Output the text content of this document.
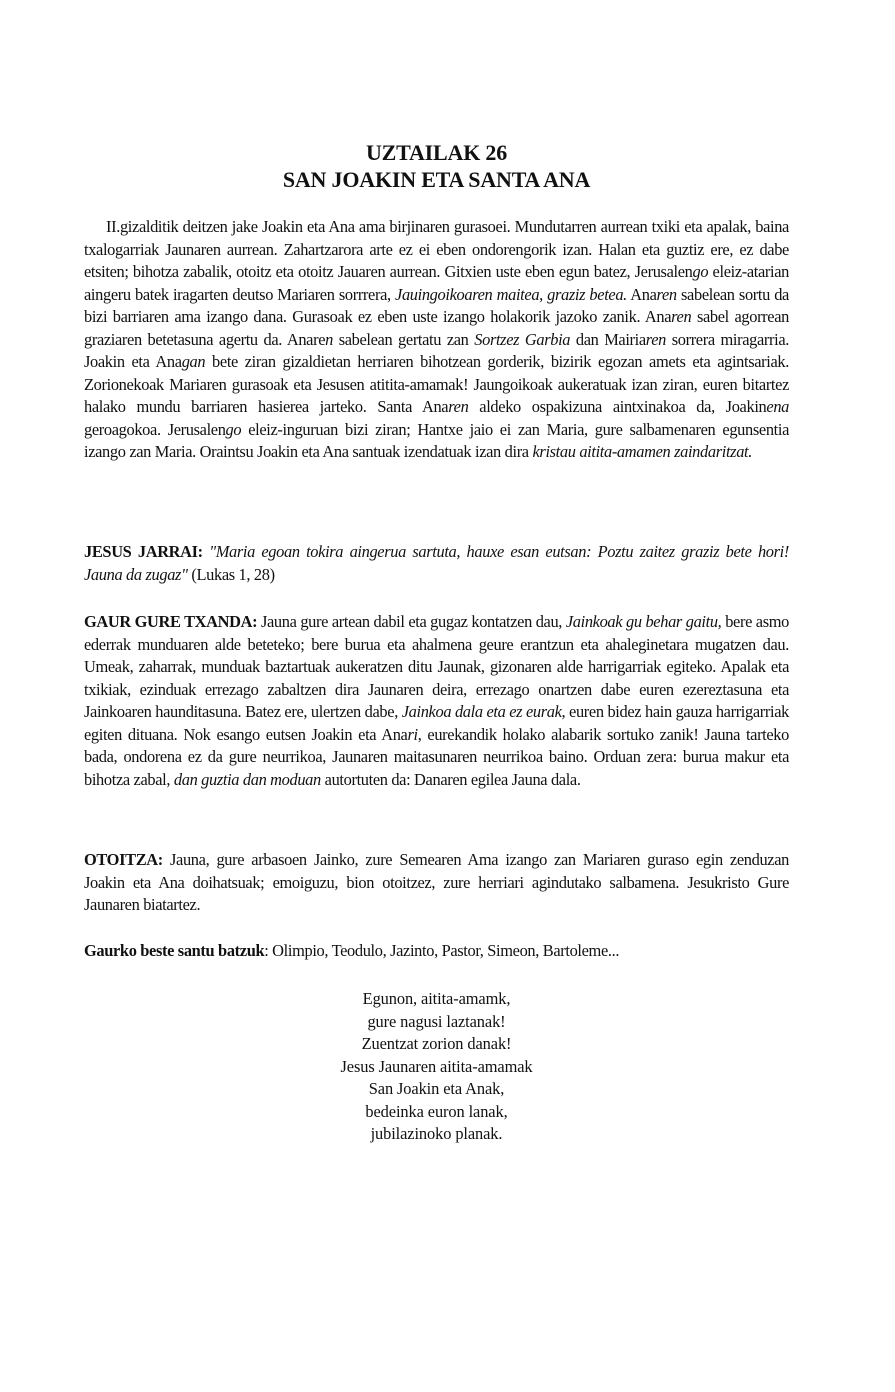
UZTAILAK 26
SAN JOAKIN ETA SANTA ANA
II.gizalditik deitzen jake Joakin eta Ana ama birjinaren gurasoei. Mundutarren aurrean txiki eta apalak, baina txalogarriak Jaunaren aurrean. Zahartzarora arte ez ei eben ondorengorik izan. Halan eta guztiz ere, ez dabe etsiten; bihotza zabalik, otoitz eta otoitz Jauaren aurrean. Gitxien uste eben egun batez, Jerusalengo eleiz-atarian aingeru batek iragarten deutso Mariaren sorrrera, Jauingoikoaren maitea, graziz betea. Anaren sabelean sortu da bizi barriaren ama izango dana. Gurasoak ez eben uste izango holakorik jazoko zanik. Anaren sabel agorrean graziaren betetasuna agertu da. Anaren sabelean gertatu zan Sortzez Garbia dan Mairiaren sorrera miragarria. Joakin eta Anagan bete ziran gizaldietan herriaren bihotzean gorderik, bizirik egozan amets eta agintsariak. Zorionekoak Mariaren gurasoak eta Jesusen atitita-amamak! Jaungoikoak aukeratuak izan ziran, euren bitartez halako mundu barriaren hasierea jarteko. Santa Anaren aldeko ospakizuna aintxinakoa da, Joakinena geroagokoa. Jerusalengo eleiz-inguruan bizi ziran; Hantxe jaio ei zan Maria, gure salbamenaren egunsentia izango zan Maria. Oraintsu Joakin eta Ana santuak izendatuak izan dira kristau aitita-amamen zaindaritzat.
JESUS JARRAI: "Maria egoan tokira aingerua sartuta, hauxe esan eutsan: Poztu zaitez graziz bete hori! Jauna da zugaz" (Lukas 1, 28)
GAUR GURE TXANDA: Jauna gure artean dabil eta gugaz kontatzen dau, Jainkoak gu behar gaitu, bere asmo ederrak munduaren alde beteteko; bere burua eta ahalmena geure erantzun eta ahaleginetara mugatzen dau. Umeak, zaharrak, munduak baztartuak aukeratzen ditu Jaunak, gizonaren alde harrigarriak egiteko. Apalak eta txikiak, ezinduak errezago zabaltzen dira Jaunaren deira, errezago onartzen dabe euren ezereztasuna eta Jainkoaren haunditasuna. Batez ere, ulertzen dabe, Jainkoa dala eta ez eurak, euren bidez hain gauza harrigarriak egiten dituana. Nok esango eutsen Joakin eta Anari, eurekandik holako alabarik sortuko zanik! Jauna tarteko bada, ondorena ez da gure neurrikoa, Jaunaren maitasunaren neurrikoa baino. Orduan zera: burua makur eta bihotza zabal, dan guztia dan moduan autortuten da: Danaren egilea Jauna dala.
OTOITZA: Jauna, gure arbasoen Jainko, zure Semearen Ama izango zan Mariaren guraso egin zenduzan Joakin eta Ana doihatsuak; emoiguzu, bion otoitzez, zure herriari agindutako salbamena. Jesukristo Gure Jaunaren biatartez.
Gaurko beste santu batzuk: Olimpio, Teodulo, Jazinto, Pastor, Simeon, Bartoleme...
Egunon, aitita-amamk,
gure nagusi laztanak!
Zuentzat zorion danak!
Jesus Jaunaren aitita-amamak
San Joakin eta Anak,
bedeinka euron lanak,
jubilazinoko planak.
